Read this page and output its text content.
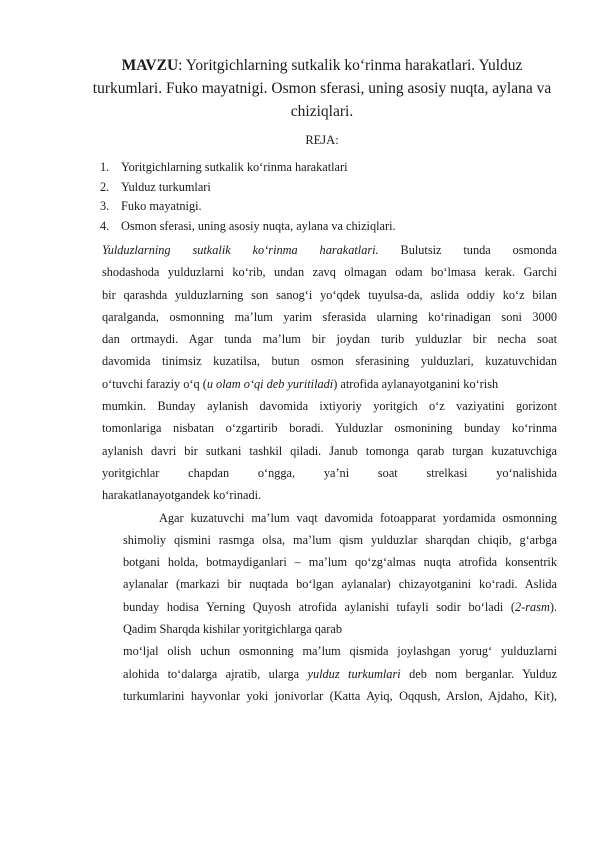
MAVZU: Yoritgichlarning sutkalik ko‘rinma harakatlari. Yulduz turkumlari. Fuko mayatnigi. Osmon sferasi, uning asosiy nuqta, aylana va chiziqlari.

REJA:
1. Yoritgichlarning sutkalik ko‘rinma harakatlari
2. Yulduz turkumlari
3. Fuko mayatnigi.
4. Osmon sferasi, uning asosiy nuqta, aylana va chiziqlari.
Yulduzlarning sutkalik ko‘rinma harakatlari. Bulutsiz tunda osmonda
shodashoda yulduzlarni ko‘rib, undan zavq olmagan odam bo‘lmasa kerak. Garchi
bir qarashda yulduzlarning son sanog‘i yo‘qdek tuyulsa-da, aslida oddiy ko‘z bilan
qaralganda, osmonning ma’lum yarim sferasida ularning ko‘rinadigan soni 3000
dan ortmaydi. Agar tunda ma’lum bir joydan turib yulduzlar bir necha soat
davomida tinimsiz kuzatilsa, butun osmon sferasining yulduzlari, kuzatuvchidan
o‘tuvchi faraziy o‘q (u olam o‘qi deb yuritiladi) atrofida aylanayotganini ko‘rish
mumkin. Bunday aylanish davomida ixtiyoriy yoritgich o‘z vaziyatini gorizont
tomonlariga nisbatan o‘zgartirib boradi. Yulduzlar osmonining bunday ko‘rinma
aylanish davri bir sutkani tashkil qiladi. Janub tomonga qarab turgan kuzatuvchiga
yoritgichlar chapdan o‘ngga, ya’ni soat strelkasi yo‘nalishida
harakatlanayotgandek ko‘rinadi.
Agar kuzatuvchi ma’lum vaqt davomida fotoapparat yordamida osmonning
shimoliy qismini rasmga olsa, ma’lum qism yulduzlar sharqdan chiqib, g‘arbga
botgani holda, botmaydiganlari – ma’lum qo‘zg‘almas nuqta atrofida konsentrik
aylanalar (markazi bir nuqtada bo‘lgan aylanalar) chizayotganini ko‘radi. Aslida
bunday hodisa Yerning Quyosh atrofida aylanishi tufayli sodir bo‘ladi (2-rasm).
Qadim Sharqda kishilar yoritgichlarga qarab
mo‘ljal olish uchun osmonning ma’lum qismida joylashgan yorug‘ yulduzlarni
alohida to‘dalarga ajratib, ularga yulduz turkumlari deb nom berganlar. Yulduz
turkumlarini hayvonlar yoki jonivorlar (Katta Ayiq, Oqqush, Arslon, Ajdaho, Kit),
